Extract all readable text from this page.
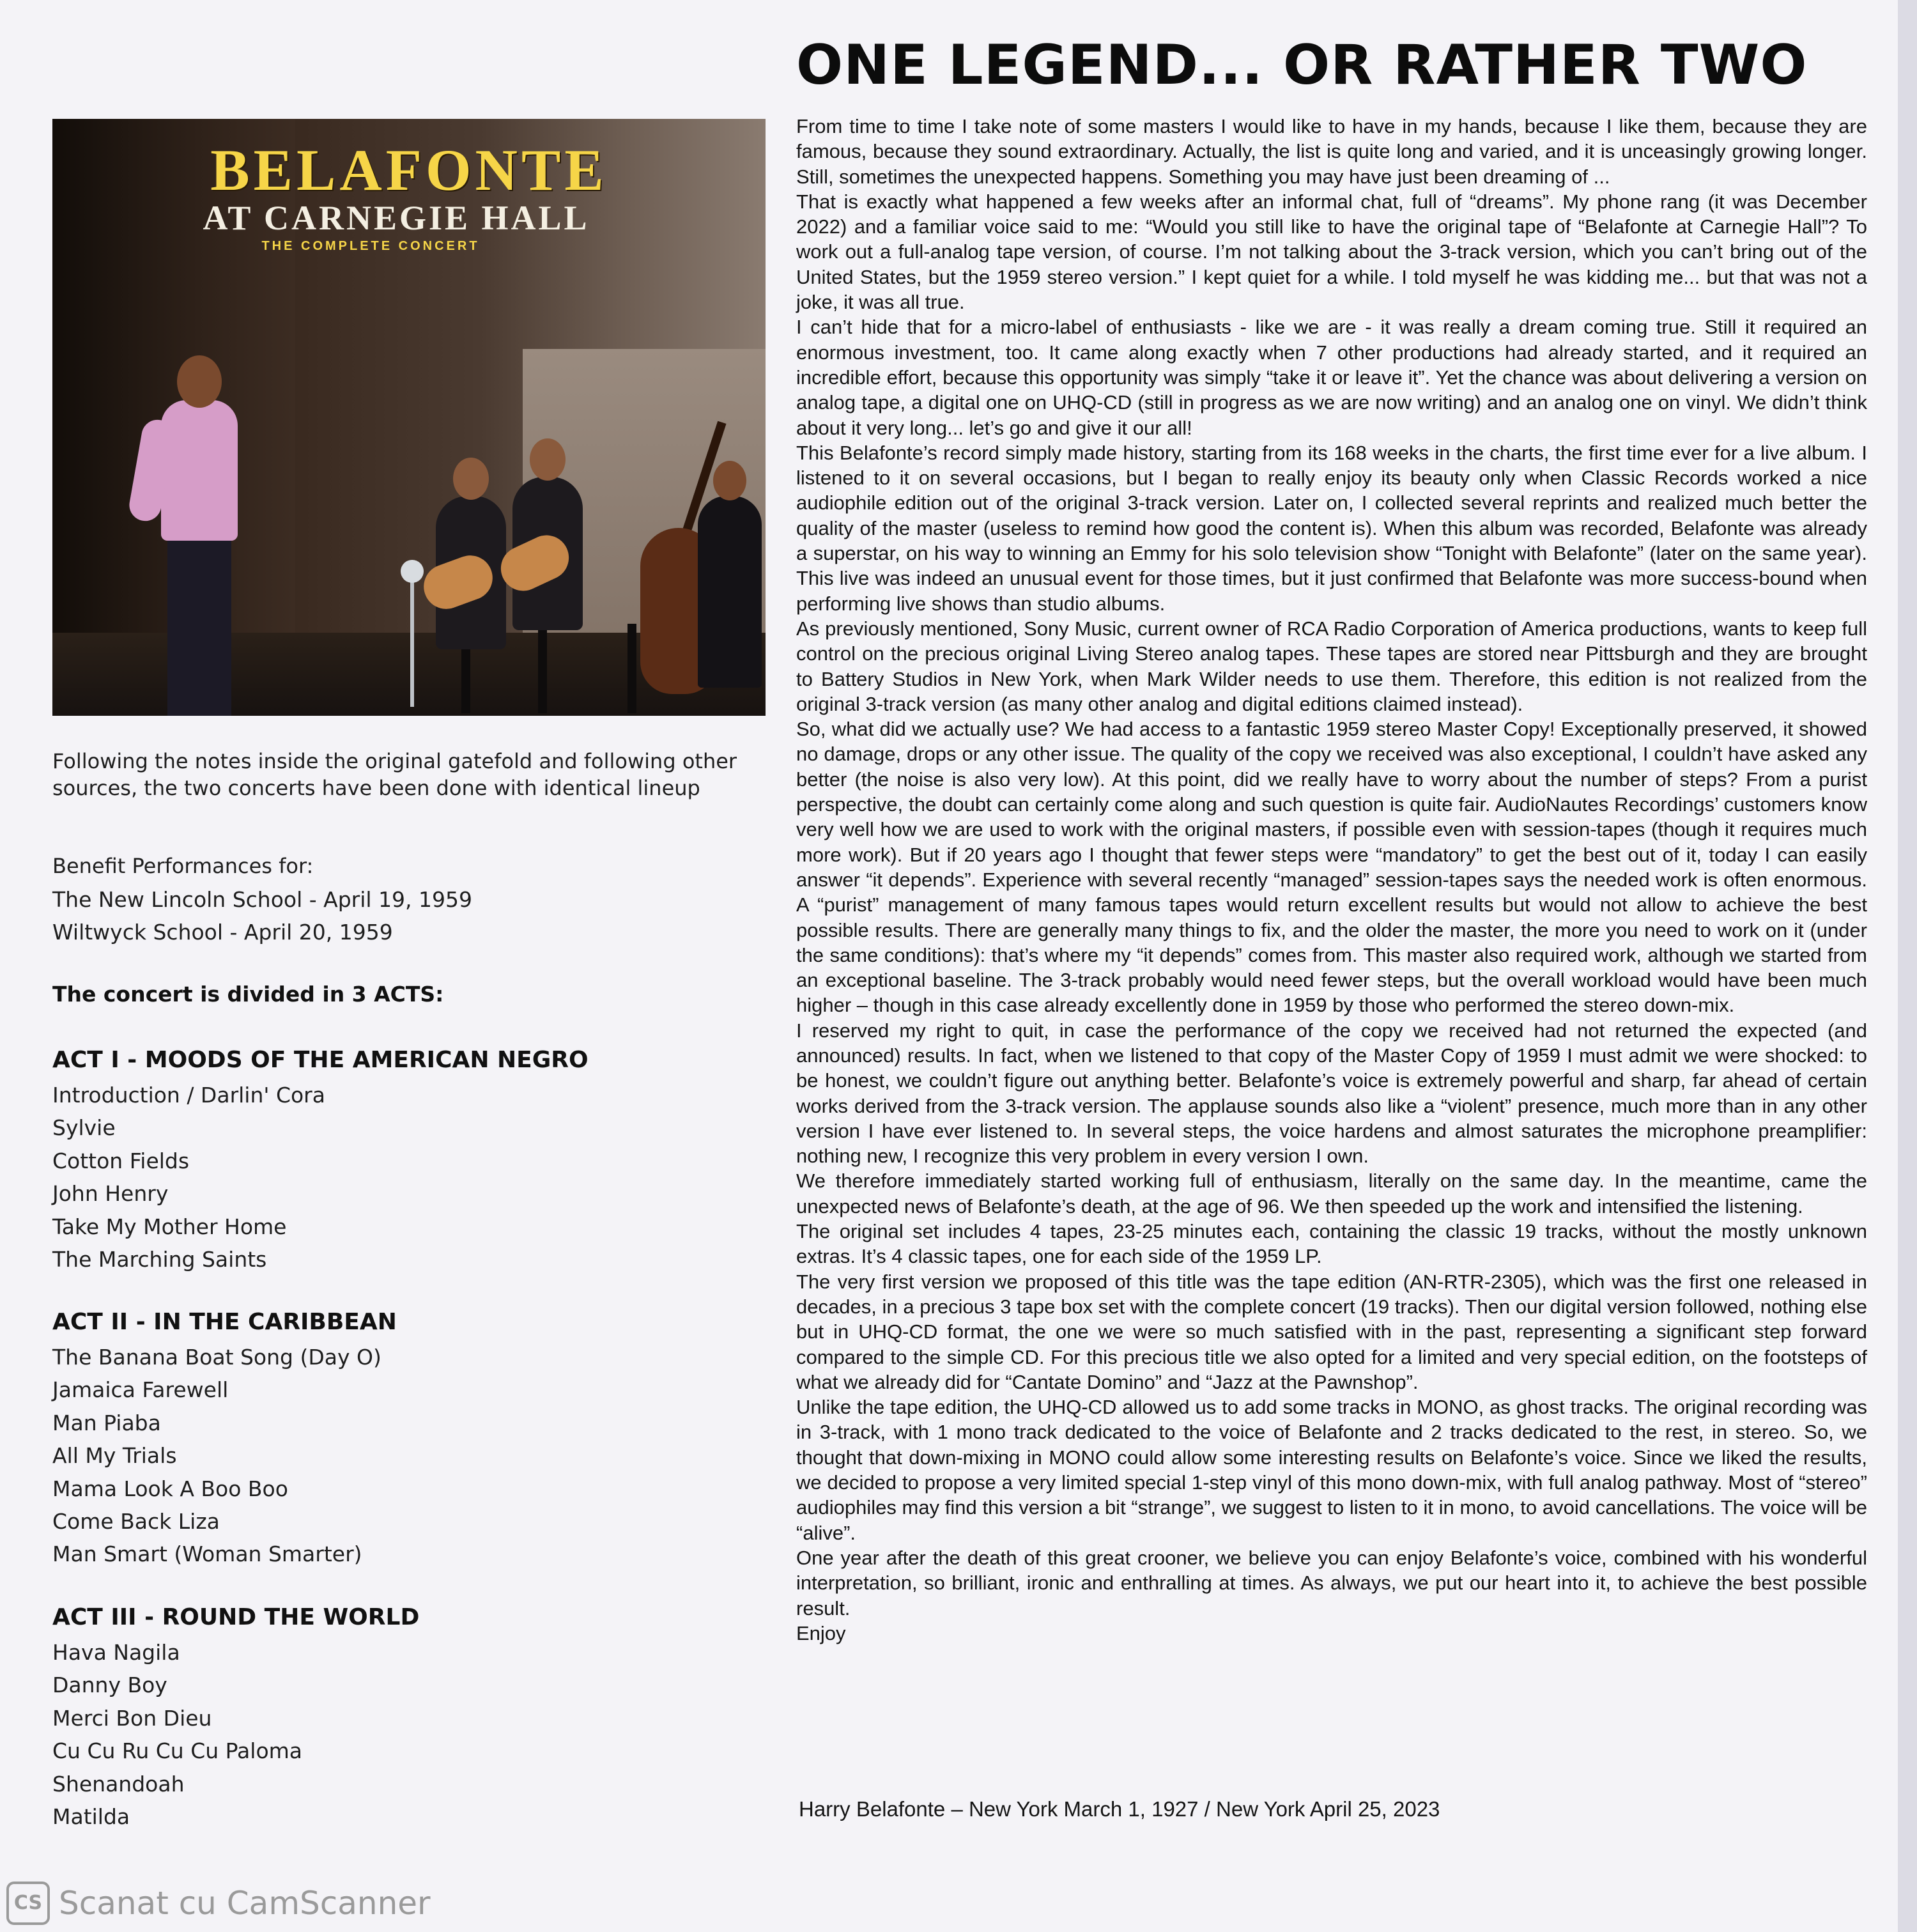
BELAFONTE
AT CARNEGIE HALL
THE COMPLETE CONCERT

Following the notes inside the original gatefold and following other sources, the two concerts have been done with identical lineup

Benefit Performances for:

The New Lincoln School - April 19, 1959
Wiltwyck School - April 20, 1959
The concert is divided in 3 ACTS:
ACT I - MOODS OF THE AMERICAN NEGRO
Introduction / Darlin' Cora
Sylvie
Cotton Fields
John Henry
Take My Mother Home
The Marching Saints
ACT II - IN THE CARIBBEAN
The Banana Boat Song (Day O)
Jamaica Farewell
Man Piaba
All My Trials
Mama Look A Boo Boo
Come Back Liza
Man Smart (Woman Smarter)
ACT III - ROUND THE WORLD
Hava Nagila
Danny Boy
Merci Bon Dieu
Cu Cu Ru Cu Cu Paloma
Shenandoah
Matilda
ONE LEGEND... OR RATHER TWO

From time to time I take note of some masters I would like to have in my hands, because I like them, because they are famous, because they sound extraordinary. Actually, the list is quite long and varied, and it is unceasingly growing longer. Still, sometimes the unexpected happens. Something you may have just been dreaming of ...

That is exactly what happened a few weeks after an informal chat, full of “dreams”. My phone rang (it was December 2022) and a familiar voice said to me: “Would you still like to have the original tape of “Belafonte at Carnegie Hall”? To work out a full-analog tape version, of course. I’m not talking about the 3-track version, which you can’t bring out of the United States, but the 1959 stereo version.” I kept quiet for a while. I told myself he was kidding me... but that was not a joke, it was all true.

I can’t hide that for a micro-label of enthusiasts - like we are - it was really a dream coming true. Still it required an enormous investment, too. It came along exactly when 7 other productions had already started, and it required an incredible effort, because this opportunity was simply “take it or leave it”. Yet the chance was about delivering a version on analog tape, a digital one on UHQ-CD (still in progress as we are now writing) and an analog one on vinyl. We didn’t think about it very long... let’s go and give it our all!

This Belafonte’s record simply made history, starting from its 168 weeks in the charts, the first time ever for a live album. I listened to it on several occasions, but I began to really enjoy its beauty only when Classic Records worked a nice audiophile edition out of the original 3-track version. Later on, I collected several reprints and realized much better the quality of the master (useless to remind how good the content is). When this album was recorded, Belafonte was already a superstar, on his way to winning an Emmy for his solo television show “Tonight with Belafonte” (later on the same year). This live was indeed an unusual event for those times, but it just confirmed that Belafonte was more success-bound when performing live shows than studio albums.

As previously mentioned, Sony Music, current owner of RCA Radio Corporation of America productions, wants to keep full control on the precious original Living Stereo analog tapes. These tapes are stored near Pittsburgh and they are brought to Battery Studios in New York, when Mark Wilder needs to use them. Therefore, this edition is not realized from the original 3-track version (as many other analog and digital editions claimed instead).

So, what did we actually use? We had access to a fantastic 1959 stereo Master Copy! Exceptionally preserved, it showed no damage, drops or any other issue. The quality of the copy we received was also exceptional, I couldn’t have asked any better (the noise is also very low). At this point, did we really have to worry about the number of steps? From a purist perspective, the doubt can certainly come along and such question is quite fair. AudioNautes Recordings’ customers know very well how we are used to work with the original masters, if possible even with session-tapes (though it requires much more work). But if 20 years ago I thought that fewer steps were “mandatory” to get the best out of it, today I can easily answer “it depends”. Experience with several recently “managed” session-tapes says the needed work is often enormous. A “purist” management of many famous tapes would return excellent results but would not allow to achieve the best possible results. There are generally many things to fix, and the older the master, the more you need to work on it (under the same conditions): that’s where my “it depends” comes from. This master also required work, although we started from an exceptional baseline. The 3-track probably would need fewer steps, but the overall workload would have been much higher – though in this case already excellently done in 1959 by those who performed the stereo down-mix.

I reserved my right to quit, in case the performance of the copy we received had not returned the expected (and announced) results. In fact, when we listened to that copy of the Master Copy of 1959 I must admit we were shocked: to be honest, we couldn’t figure out anything better. Belafonte’s voice is extremely powerful and sharp, far ahead of certain works derived from the 3-track version. The applause sounds also like a “violent” presence, much more than in any other version I have ever listened to. In several steps, the voice hardens and almost saturates the microphone preamplifier: nothing new, I recognize this very problem in every version I own.

We therefore immediately started working full of enthusiasm, literally on the same day. In the meantime, came the unexpected news of Belafonte’s death, at the age of 96. We then speeded up the work and intensified the listening.

The original set includes 4 tapes, 23-25 minutes each, containing the classic 19 tracks, without the mostly unknown extras. It’s 4 classic tapes, one for each side of the 1959 LP.

The very first version we proposed of this title was the tape edition (AN-RTR-2305), which was the first one released in decades, in a precious 3 tape box set with the complete concert (19 tracks). Then our digital version followed, nothing else but in UHQ-CD format, the one we were so much satisfied with in the past, representing a significant step forward compared to the simple CD. For this precious title we also opted for a limited and very special edition, on the footsteps of what we already did for “Cantate Domino” and “Jazz at the Pawnshop”.

Unlike the tape edition, the UHQ-CD allowed us to add some tracks in MONO, as ghost tracks. The original recording was in 3-track, with 1 mono track dedicated to the voice of Belafonte and 2 tracks dedicated to the rest, in stereo. So, we thought that down-mixing in MONO could allow some interesting results on Belafonte’s voice. Since we liked the results, we decided to propose a very limited special 1-step vinyl of this mono down-mix, with full analog pathway. Most of “stereo” audiophiles may find this version a bit “strange”, we suggest to listen to it in mono, to avoid cancellations. The voice will be “alive”.

One year after the death of this great crooner, we believe you can enjoy Belafonte’s voice, combined with his wonderful interpretation, so brilliant, ironic and enthralling at times. As always, we put our heart into it, to achieve the best possible result.

Enjoy

Harry Belafonte – New York March 1, 1927 / New York April 25, 2023
CS Scanat cu CamScanner
